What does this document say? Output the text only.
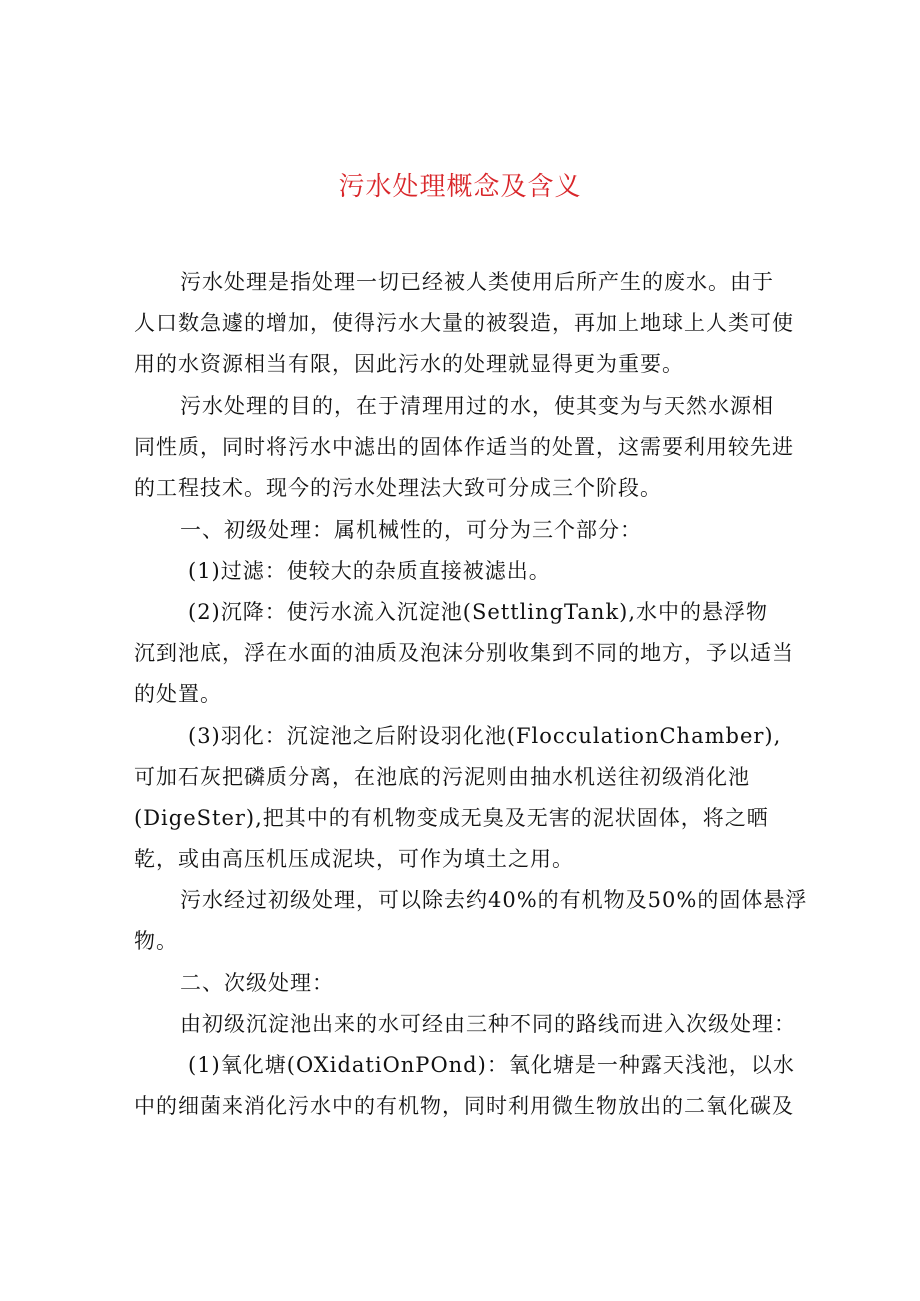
污水处理概念及含义
污水处理是指处理一切已经被人类使用后所产生的废水。由于
人口数急遽的增加，使得污水大量的被裂造，再加上地球上人类可使
用的水资源相当有限，因此污水的处理就显得更为重要。
污水处理的目的，在于清理用过的水，使其变为与天然水源相
同性质，同时将污水中滤出的固体作适当的处置，这需要利用较先进
的工程技术。现今的污水处理法大致可分成三个阶段。
一、初级处理：属机械性的，可分为三个部分：
(1)过滤：使较大的杂质直接被滤出。
(2)沉降：使污水流入沉淀池(SettlingTank),水中的悬浮物
沉到池底，浮在水面的油质及泡沫分别收集到不同的地方，予以适当
的处置。
(3)羽化：沉淀池之后附设羽化池(FlocculationChamber),
可加石灰把磷质分离，在池底的污泥则由抽水机送往初级消化池
(DigeSter),把其中的有机物变成无臭及无害的泥状固体，将之晒
乾，或由高压机压成泥块，可作为填土之用。
污水经过初级处理，可以除去约40%的有机物及50%的固体悬浮
物。
二、次级处理：
由初级沉淀池出来的水可经由三种不同的路线而进入次级处理：
(1)氧化塘(OXidatiOnPOnd)：氧化塘是一种露天浅池，以水
中的细菌来消化污水中的有机物，同时利用微生物放出的二氧化碳及
